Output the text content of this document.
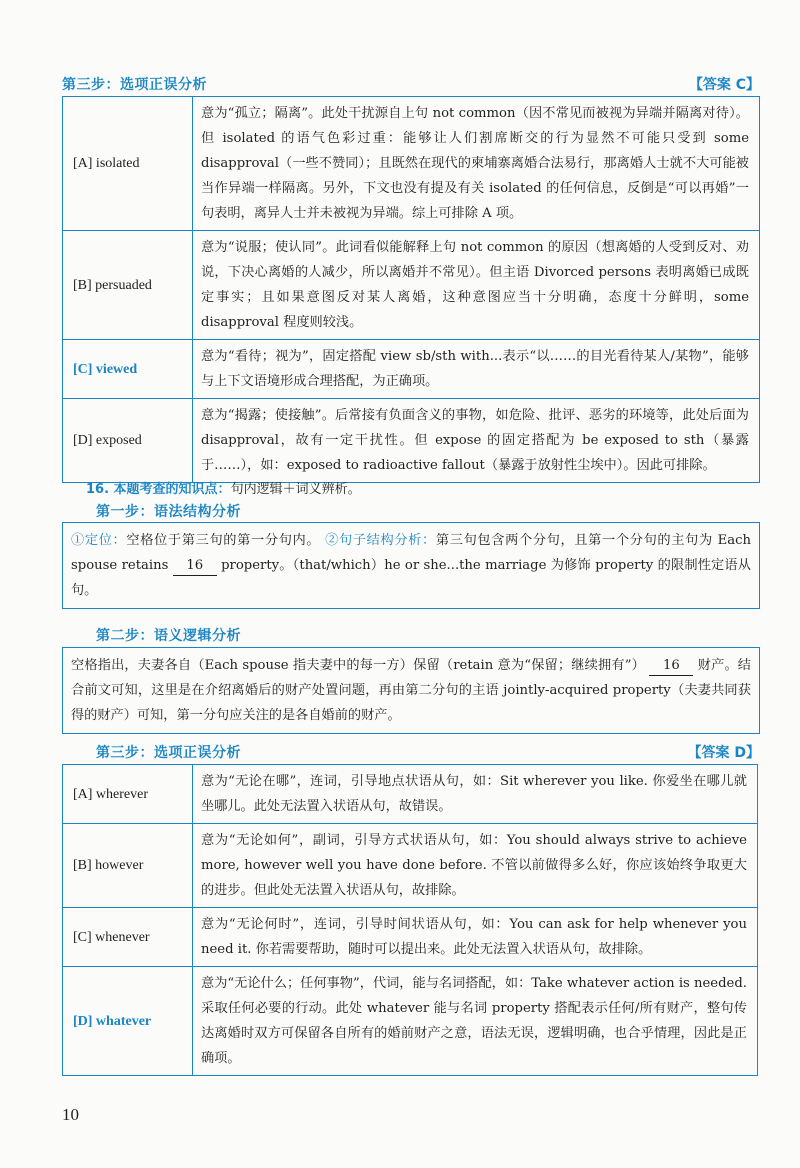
第三步：选项正误分析	【答案 C】
[A] isolated	意为“孤立；隔离”。此处干扰源自上句 not common（因不常见而被视为异端并隔离对待）。但 isolated 的语气色彩过重：能够让人们割席断交的行为显然不可能只受到 some disapproval（一些不赞同）；且既然在现代的柬埔寨离婚合法易行，那离婚人士就不大可能被当作异端一样隔离。另外，下文也没有提及有关 isolated 的任何信息，反倒是“可以再婚”一句表明，离异人士并未被视为异端。综上可排除 A 项。
[B] persuaded	意为“说服；使认同”。此词看似能解释上句 not common 的原因（想离婚的人受到反对、劝说，下决心离婚的人减少，所以离婚并不常见）。但主语 Divorced persons 表明离婚已成既定事实；且如果意图反对某人离婚，这种意图应当十分明确，态度十分鲜明，some disapproval 程度则较浅。
[C] viewed	意为“看待；视为”，固定搭配 view sb/sth with...表示“以……的目光看待某人/某物”，能够与上下文语境形成合理搭配，为正确项。
[D] exposed	意为“揭露；使接触”。后常接有负面含义的事物，如危险、批评、恶劣的环境等，此处后面为 disapproval，故有一定干扰性。但 expose 的固定搭配为 be exposed to sth（暴露于……），如：exposed to radioactive fallout（暴露于放射性尘埃中）。因此可排除。
16. 本题考查的知识点：句内逻辑＋词义辨析。
第一步：语法结构分析
①定位：空格位于第三句的第一分句内。 ②句子结构分析：第三句包含两个分句，且第一个分句的主句为 Each spouse retains 16 property。（that/which）he or she...the marriage 为修饰 property 的限制性定语从句。
第二步：语义逻辑分析
空格指出，夫妻各自（Each spouse 指夫妻中的每一方）保留（retain 意为“保留；继续拥有”） 16 财产。结合前文可知，这里是在介绍离婚后的财产处置问题，再由第二分句的主语 jointly-acquired property（夫妻共同获得的财产）可知，第一分句应关注的是各自婚前的财产。
第三步：选项正误分析	【答案 D】
[A] wherever	意为“无论在哪”，连词，引导地点状语从句，如：Sit wherever you like. 你爱坐在哪儿就坐哪儿。此处无法置入状语从句，故错误。
[B] however	意为“无论如何”，副词，引导方式状语从句，如：You should always strive to achieve more, however well you have done before. 不管以前做得多么好，你应该始终争取更大的进步。但此处无法置入状语从句，故排除。
[C] whenever	意为“无论何时”，连词，引导时间状语从句，如：You can ask for help whenever you need it. 你若需要帮助，随时可以提出来。此处无法置入状语从句，故排除。
[D] whatever	意为“无论什么；任何事物”，代词，能与名词搭配，如：Take whatever action is needed. 采取任何必要的行动。此处 whatever 能与名词 property 搭配表示任何/所有财产，整句传达离婚时双方可保留各自所有的婚前财产之意，语法无误，逻辑明确，也合乎情理，因此是正确项。
10
